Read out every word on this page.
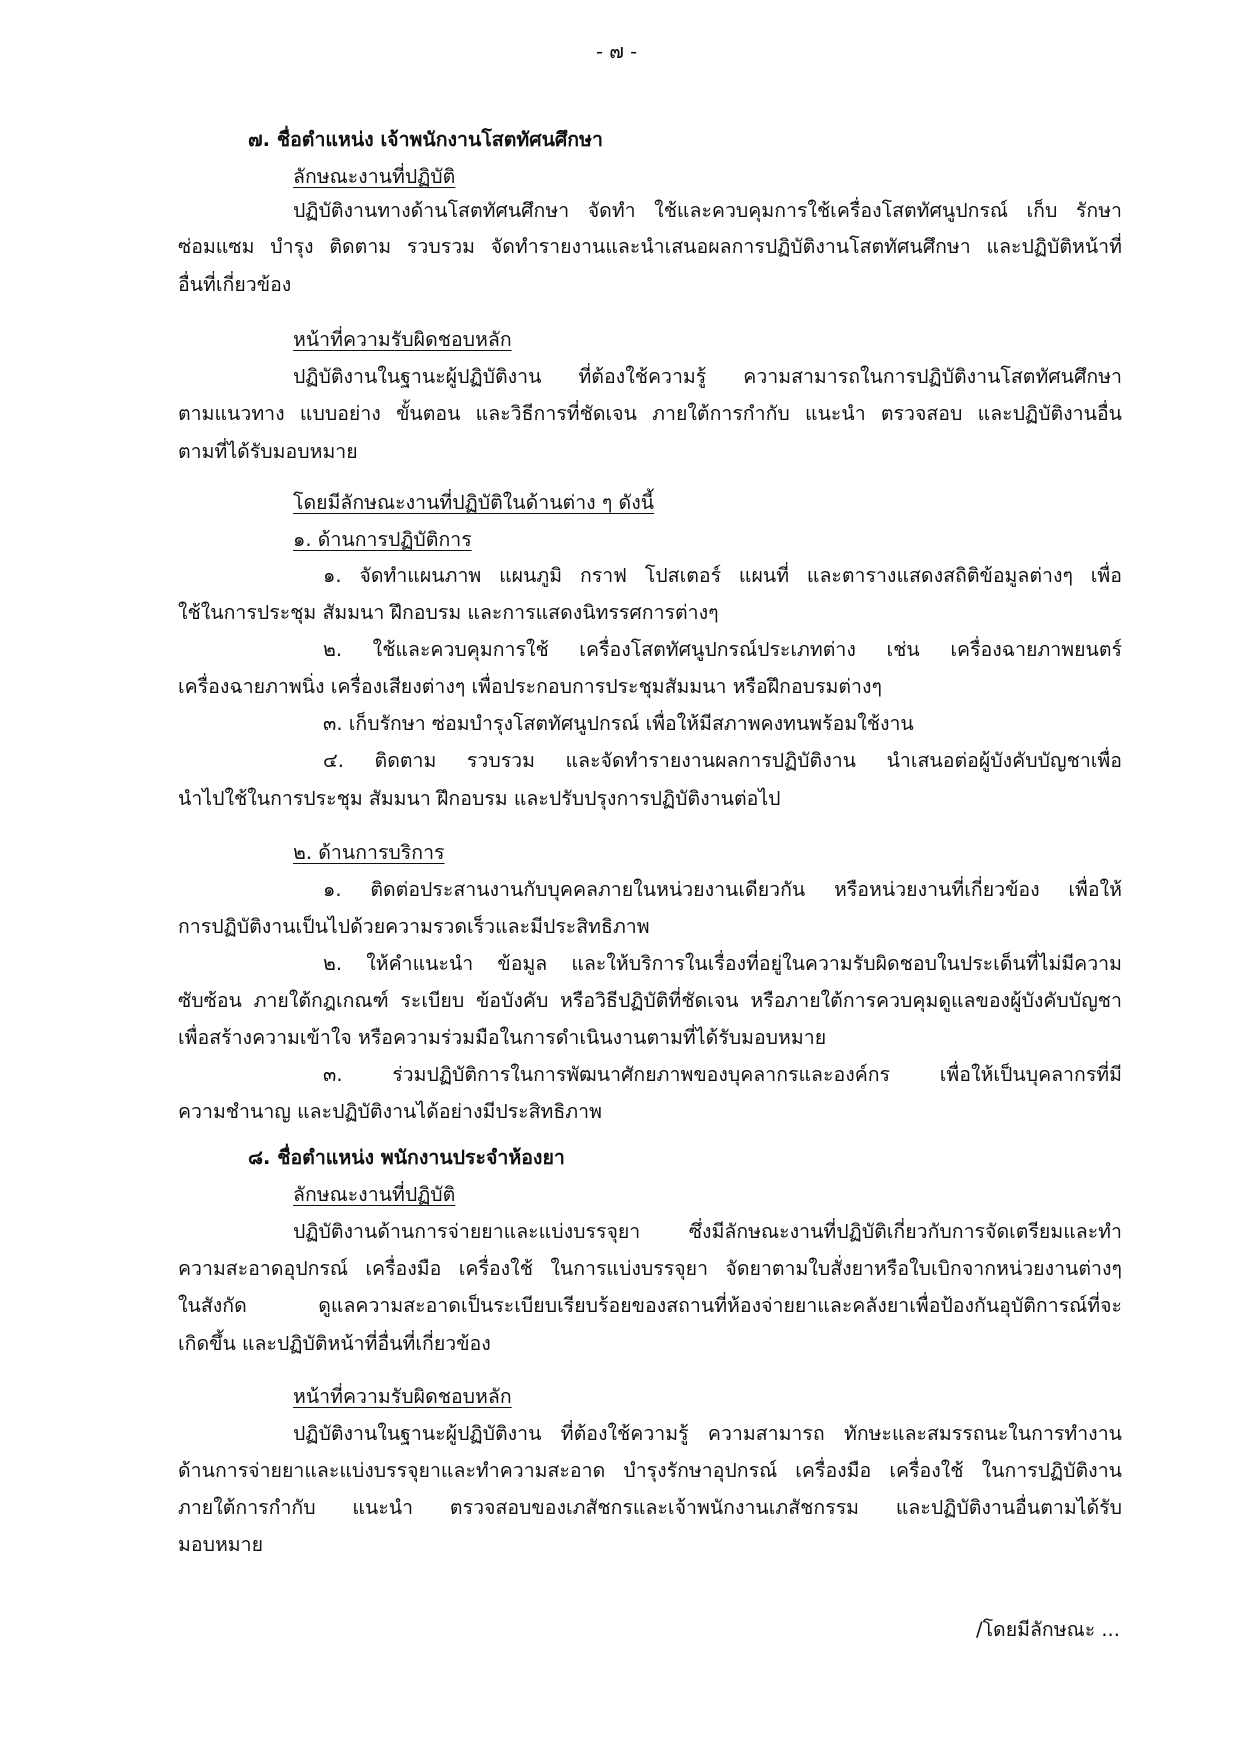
- ๗ -
๗. ชื่อตำแหน่ง เจ้าพนักงานโสตทัศนศึกษา
ลักษณะงานที่ปฏิบัติ
ปฏิบัติงานทางด้านโสตทัศนศึกษา จัดทำ ใช้และควบคุมการใช้เครื่องโสตทัศนูปกรณ์ เก็บ รักษา
ซ่อมแซม บำรุง ติดตาม รวบรวม จัดทำรายงานและนำเสนอผลการปฏิบัติงานโสตทัศนศึกษา และปฏิบัติหน้าที่
อื่นที่เกี่ยวข้อง
หน้าที่ความรับผิดชอบหลัก
ปฏิบัติงานในฐานะผู้ปฏิบัติงาน ที่ต้องใช้ความรู้ ความสามารถในการปฏิบัติงานโสตทัศนศึกษา
ตามแนวทาง แบบอย่าง ขั้นตอน และวิธีการที่ชัดเจน ภายใต้การกำกับ แนะนำ ตรวจสอบ และปฏิบัติงานอื่น
ตามที่ได้รับมอบหมาย
โดยมีลักษณะงานที่ปฏิบัติในด้านต่าง ๆ ดังนี้
๑. ด้านการปฏิบัติการ
๑. จัดทำแผนภาพ แผนภูมิ กราฟ โปสเตอร์ แผนที่ และตารางแสดงสถิติข้อมูลต่างๆ เพื่อ
ใช้ในการประชุม สัมมนา ฝึกอบรม และการแสดงนิทรรศการต่างๆ
๒. ใช้และควบคุมการใช้ เครื่องโสตทัศนูปกรณ์ประเภทต่าง เช่น เครื่องฉายภาพยนตร์
เครื่องฉายภาพนิ่ง เครื่องเสียงต่างๆ เพื่อประกอบการประชุมสัมมนา หรือฝึกอบรมต่างๆ
๓. เก็บรักษา ซ่อมบำรุงโสตทัศนูปกรณ์ เพื่อให้มีสภาพคงทนพร้อมใช้งาน
๔. ติดตาม รวบรวม และจัดทำรายงานผลการปฏิบัติงาน นำเสนอต่อผู้บังคับบัญชาเพื่อ
นำไปใช้ในการประชุม สัมมนา ฝึกอบรม และปรับปรุงการปฏิบัติงานต่อไป
๒. ด้านการบริการ
๑. ติดต่อประสานงานกับบุคคลภายในหน่วยงานเดียวกัน หรือหน่วยงานที่เกี่ยวข้อง เพื่อให้
การปฏิบัติงานเป็นไปด้วยความรวดเร็วและมีประสิทธิภาพ
๒. ให้คำแนะนำ ข้อมูล และให้บริการในเรื่องที่อยู่ในความรับผิดชอบในประเด็นที่ไม่มีความ
ซับซ้อน ภายใต้กฎเกณฑ์ ระเบียบ ข้อบังคับ หรือวิธีปฏิบัติที่ชัดเจน หรือภายใต้การควบคุมดูแลของผู้บังคับบัญชา
เพื่อสร้างความเข้าใจ หรือความร่วมมือในการดำเนินงานตามที่ได้รับมอบหมาย
๓. ร่วมปฏิบัติการในการพัฒนาศักยภาพของบุคลากรและองค์กร เพื่อให้เป็นบุคลากรที่มี
ความชำนาญ และปฏิบัติงานได้อย่างมีประสิทธิภาพ
๘. ชื่อตำแหน่ง พนักงานประจำห้องยา
ลักษณะงานที่ปฏิบัติ
ปฏิบัติงานด้านการจ่ายยาและแบ่งบรรจุยา ซึ่งมีลักษณะงานที่ปฏิบัติเกี่ยวกับการจัดเตรียมและทำ
ความสะอาดอุปกรณ์ เครื่องมือ เครื่องใช้ ในการแบ่งบรรจุยา จัดยาตามใบสั่งยาหรือใบเบิกจากหน่วยงานต่างๆ
ในสังกัด ดูแลความสะอาดเป็นระเบียบเรียบร้อยของสถานที่ห้องจ่ายยาและคลังยาเพื่อป้องกันอุบัติการณ์ที่จะ
เกิดขึ้น และปฏิบัติหน้าที่อื่นที่เกี่ยวข้อง
หน้าที่ความรับผิดชอบหลัก
ปฏิบัติงานในฐานะผู้ปฏิบัติงาน ที่ต้องใช้ความรู้ ความสามารถ ทักษะและสมรรถนะในการทำงาน
ด้านการจ่ายยาและแบ่งบรรจุยาและทำความสะอาด บำรุงรักษาอุปกรณ์ เครื่องมือ เครื่องใช้ ในการปฏิบัติงาน
ภายใต้การกำกับ แนะนำ ตรวจสอบของเภสัชกรและเจ้าพนักงานเภสัชกรรม และปฏิบัติงานอื่นตามได้รับ
มอบหมาย
/โดยมีลักษณะ ...
